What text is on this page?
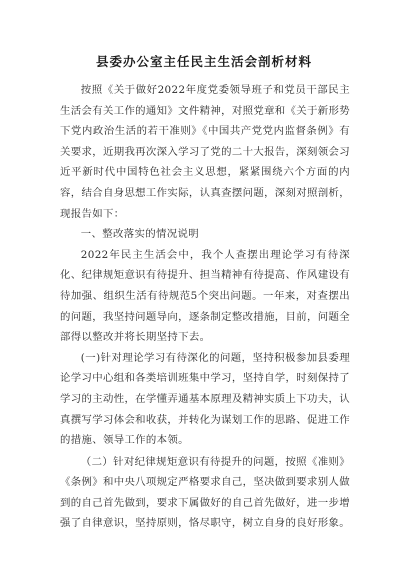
县委办公室主任民主生活会剖析材料

按照《关于做好2022年度党委领导班子和党员干部民主生活会有关工作的通知》文件精神，对照党章和《关于新形势下党内政治生活的若干准则》《中国共产党党内监督条例》有关要求，近期我再次深入学习了党的二十大报告，深刻领会习近平新时代中国特色社会主义思想，紧紧围绕六个方面的内容，结合自身思想工作实际，认真查摆问题，深刻对照剖析，现报告如下：

一、整改落实的情况说明

2022年民主生活会中，我个人查摆出理论学习有待深化、纪律规矩意识有待提升、担当精神有待提高、作风建设有待加强、组织生活有待规范5个突出问题。一年来，对查摆出的问题，我坚持问题导向，逐条制定整改措施，目前，问题全部得以整改并将长期坚持下去。

(一)针对理论学习有待深化的问题，坚持积极参加县委理论学习中心组和各类培训班集中学习，坚持自学，时刻保持了学习的主动性，在学懂弄通基本原理及精神实质上下功夫，认真撰写学习体会和收获，并转化为谋划工作的思路、促进工作的措施、领导工作的本领。

（二）针对纪律规矩意识有待提升的问题，按照《准则》《条例》和中央八项规定严格要求自己，坚决做到要求别人做到的自己首先做到，要求下属做好的自己首先做好，进一步增强了自律意识，坚持原则，恪尽职守，树立自身的良好形象。
